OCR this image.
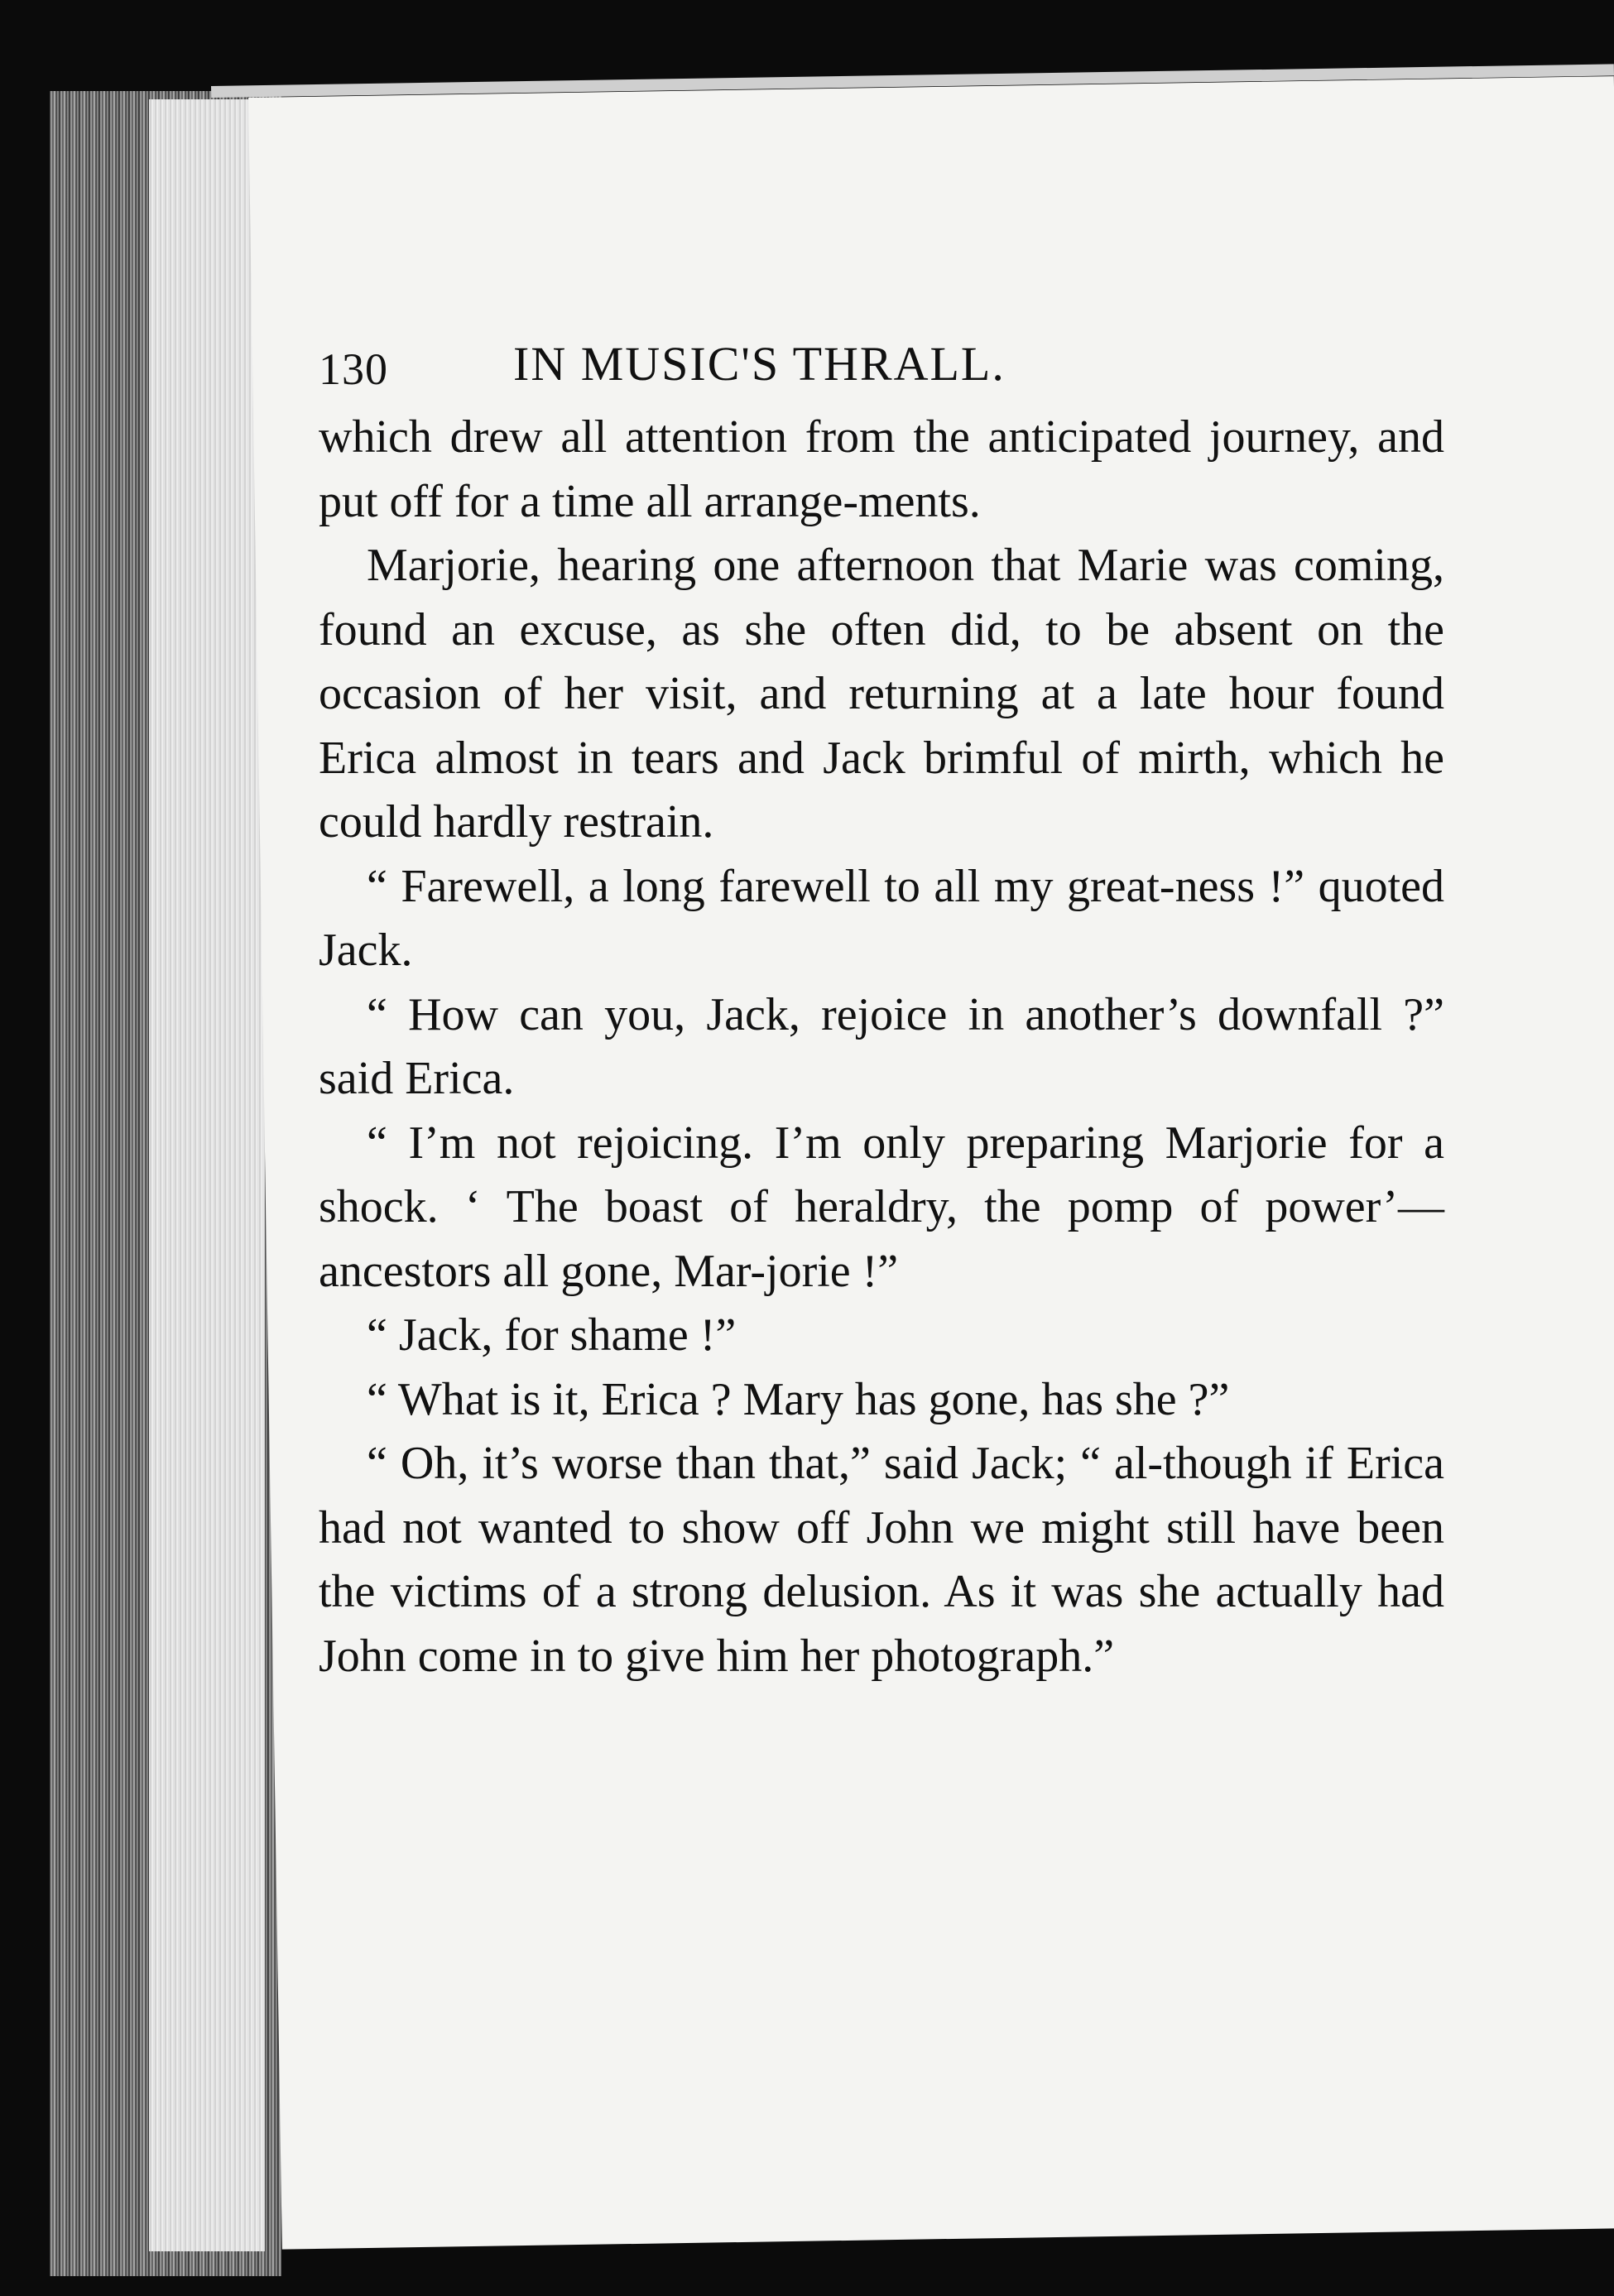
130	IN MUSIC'S THRALL.

which drew all attention from the anticipated journey, and put off for a time all arrange-ments.

Marjorie, hearing one afternoon that Marie was coming, found an excuse, as she often did, to be absent on the occasion of her visit, and returning at a late hour found Erica almost in tears and Jack brimful of mirth, which he could hardly restrain.

“ Farewell, a long farewell to all my great-ness !” quoted Jack.

“ How can you, Jack, rejoice in another’s downfall ?” said Erica.

“ I’m not rejoicing. I’m only preparing Marjorie for a shock. ‘ The boast of heraldry, the pomp of power’—ancestors all gone, Mar-jorie !”

“ Jack, for shame !”

“ What is it, Erica ? Mary has gone, has she ?”

“ Oh, it’s worse than that,” said Jack; “ al-though if Erica had not wanted to show off John we might still have been the victims of a strong delusion. As it was she actually had John come in to give him her photograph.”
